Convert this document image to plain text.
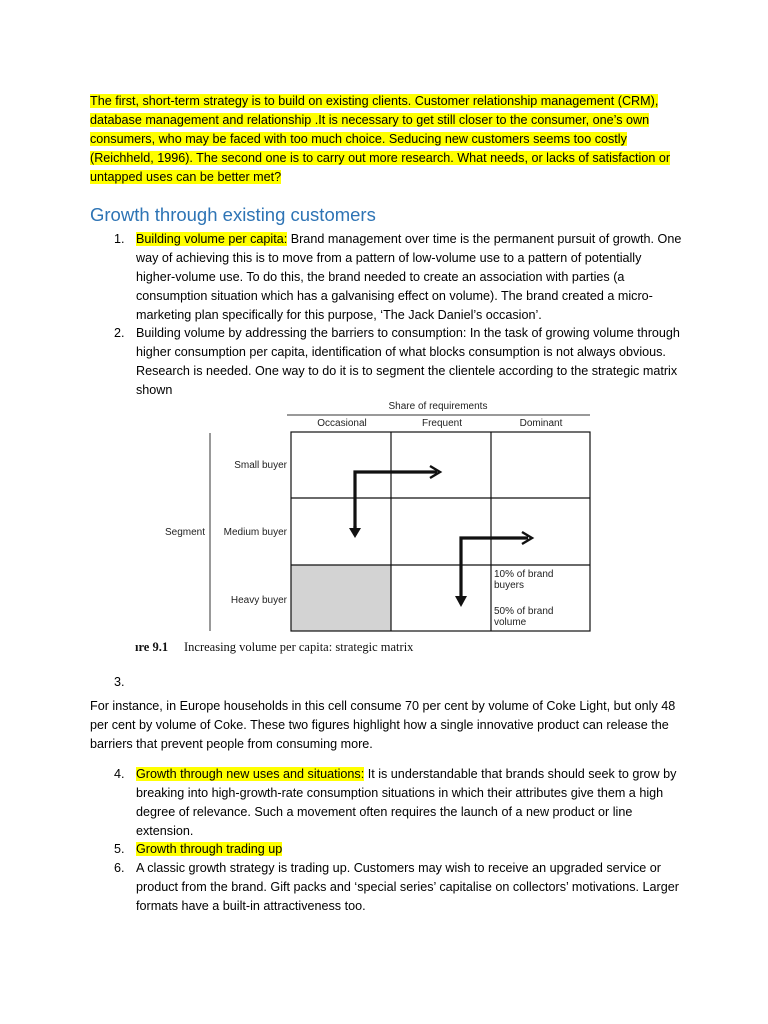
The first, short-term strategy is to build on existing clients. Customer relationship management (CRM), database management and relationship .It is necessary to get still closer to the consumer, one’s own consumers, who may be faced with too much choice. Seducing new customers seems too costly (Reichheld, 1996). The second one is to carry out more research. What needs, or lacks of satisfaction or untapped uses can be better met?

Growth through existing customers
1. Building volume per capita: Brand management over time is the permanent pursuit of growth. One way of achieving this is to move from a pattern of low-volume use to a pattern of potentially higher-volume use. To do this, the brand needed to create an association with parties (a consumption situation which has a galvanising effect on volume). The brand created a micro-marketing plan specifically for this purpose, ‘The Jack Daniel’s occasion’.
2. Building volume by addressing the barriers to consumption: In the task of growing volume through higher consumption per capita, identification of what blocks consumption is not always obvious. Research is needed. One way to do it is to segment the clientele according to the strategic matrix shown
Share of requirements
Occasional	Frequent	Dominant
Segment
Small buyer
Medium buyer
Heavy buyer
10% of brand
buyers
50% of brand
volume
ıre 9.1 Increasing volume per capita: strategic matrix
3.

For instance, in Europe households in this cell consume 70 per cent by volume of Coke Light, but only 48 per cent by volume of Coke. These two figures highlight how a single innovative product can release the barriers that prevent people from consuming more.

4. Growth through new uses and situations: It is understandable that brands should seek to grow by breaking into high-growth-rate consumption situations in which their attributes give them a high degree of relevance. Such a movement often requires the launch of a new product or line extension.
5. Growth through trading up
6. A classic growth strategy is trading up. Customers may wish to receive an upgraded service or product from the brand. Gift packs and ‘special series’ capitalise on collectors’ motivations. Larger formats have a built-in attractiveness too.
